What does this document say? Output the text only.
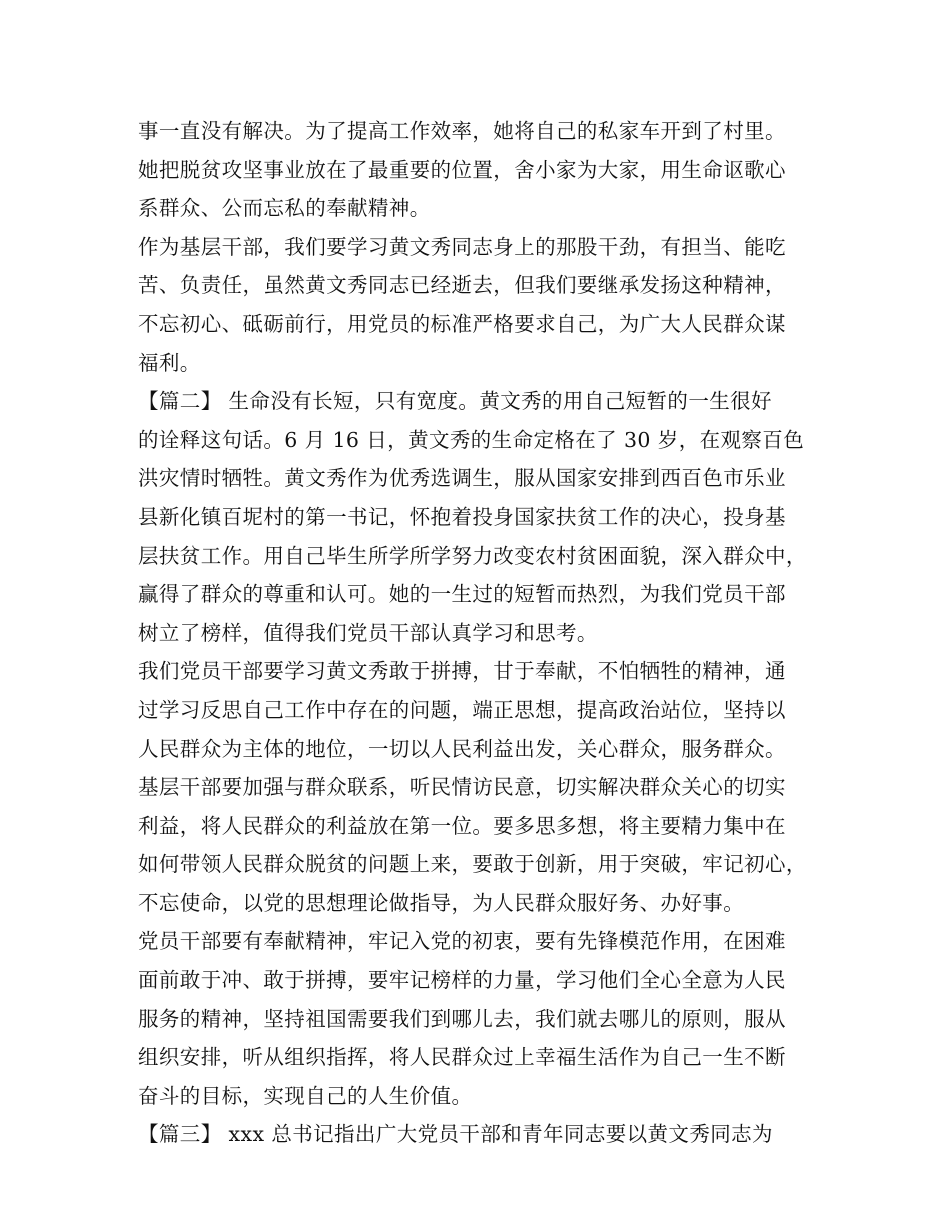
事一直没有解决。为了提高工作效率，她将自己的私家车开到了村里。
她把脱贫攻坚事业放在了最重要的位置，舍小家为大家，用生命讴歌心
系群众、公而忘私的奉献精神。
作为基层干部，我们要学习黄文秀同志身上的那股干劲，有担当、能吃
苦、负责任，虽然黄文秀同志已经逝去，但我们要继承发扬这种精神，
不忘初心、砥砺前行，用党员的标准严格要求自己，为广大人民群众谋
福利。
【篇二】 生命没有长短，只有宽度。黄文秀的用自己短暂的一生很好
的诠释这句话。6 月 16 日，黄文秀的生命定格在了 30 岁，在观察百色
洪灾情时牺牲。黄文秀作为优秀选调生，服从国家安排到西百色市乐业
县新化镇百坭村的第一书记，怀抱着投身国家扶贫工作的决心，投身基
层扶贫工作。用自己毕生所学所学努力改变农村贫困面貌，深入群众中，
赢得了群众的尊重和认可。她的一生过的短暂而热烈，为我们党员干部
树立了榜样，值得我们党员干部认真学习和思考。
我们党员干部要学习黄文秀敢于拼搏，甘于奉献，不怕牺牲的精神，通
过学习反思自己工作中存在的问题，端正思想，提高政治站位，坚持以
人民群众为主体的地位，一切以人民利益出发，关心群众，服务群众。
基层干部要加强与群众联系，听民情访民意，切实解决群众关心的切实
利益，将人民群众的利益放在第一位。要多思多想，将主要精力集中在
如何带领人民群众脱贫的问题上来，要敢于创新，用于突破，牢记初心，
不忘使命，以党的思想理论做指导，为人民群众服好务、办好事。
党员干部要有奉献精神，牢记入党的初衷，要有先锋模范作用，在困难
面前敢于冲、敢于拼搏，要牢记榜样的力量，学习他们全心全意为人民
服务的精神，坚持祖国需要我们到哪儿去，我们就去哪儿的原则，服从
组织安排，听从组织指挥，将人民群众过上幸福生活作为自己一生不断
奋斗的目标，实现自己的人生价值。
【篇三】 xxx 总书记指出广大党员干部和青年同志要以黄文秀同志为
